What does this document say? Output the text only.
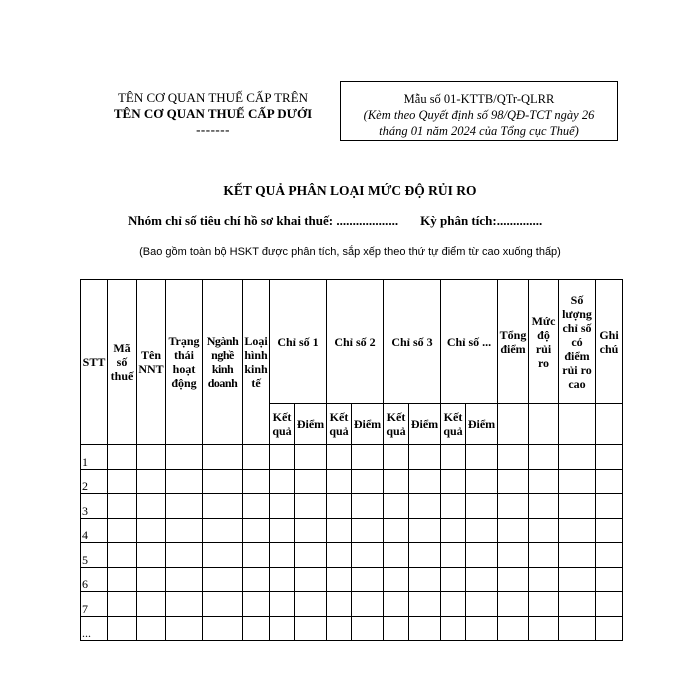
TÊN CƠ QUAN THUẾ CẤP TRÊN
TÊN CƠ QUAN THUẾ CẤP DƯỚI
-------
Mẫu số 01-KTTB/QTr-QLRR
(Kèm theo Quyết định số 98/QĐ-TCT ngày 26
tháng 01 năm 2024 của Tổng cục Thuế)
KẾT QUẢ PHÂN LOẠI MỨC ĐỘ RỦI RO
Nhóm chỉ số tiêu chí hồ sơ khai thuế: ................... Kỳ phân tích:..............
(Bao gồm toàn bộ HSKT được phân tích, sắp xếp theo thứ tự điểm từ cao xuống thấp)
STT	Mã số thuế	Tên NNT	Trạng thái hoạt động	Ngành nghề kinh doanh	Loại hình kinh tế	Chỉ số 1		Chỉ số 2		Chỉ số 3		Chỉ số ...		Tổng điểm	Mức độ rủi ro	Số lượng chỉ số có điểm rủi ro cao	Ghi chú
						Kết quả	Điểm	Kết quả	Điểm	Kết quả	Điểm	Kết quả	Điểm				
1																	
2																	
3																	
4																	
5																	
6																	
7																	
...																	
